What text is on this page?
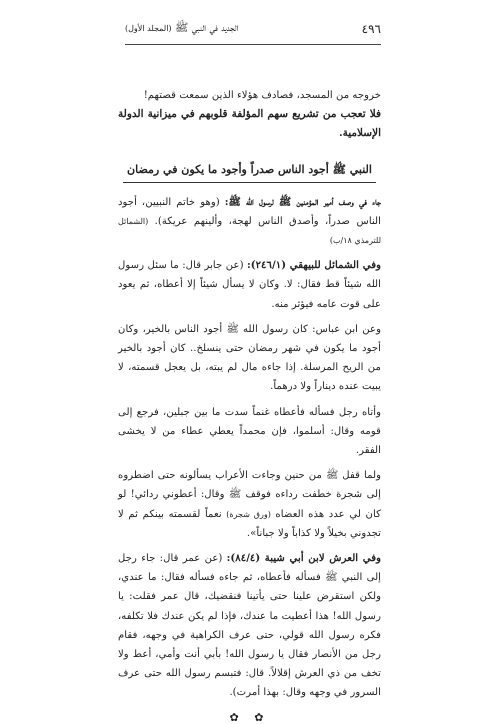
٤٩٦
الجديد في النبي ﷺ (المجلد الأول)

خروجه من المسجد، فصادف هؤلاء الذين سمعت قصتهم!
فلا تعجب من تشريع سهم المؤلفة قلوبهم في ميزانية الدولة الإسلامية.

النبي ﷺ أجود الناس صدراً وأجود ما يكون في رمضان

جاء في وصف أمير المؤمنين ﷺ لرسول الله ﷺ: (وهو خاتم النبيين، أجود الناس صدراً، وأصدق الناس لهجة، وألينهم عريكة). (الشمائل للترمذي ١٨/ب)

وفي الشمائل للبيهقي (٢٤٦/١): (عن جابر قال: ما سئل رسول الله شيئاً قط فقال: لا. وكان لا يسأل شيئاً إلا أعطاه، ثم يعود على قوت عامه فيؤثر منه.

وعن ابن عباس: كان رسول الله ﷺ أجود الناس بالخير، وكان أجود ما يكون في شهر رمضان حتى ينسلخ.. كان أجود بالخير من الريح المرسلة. إذا جاءه مال لم يبته، بل يعجل قسمته، لا يبيت عنده ديناراً ولا درهماً.

وأتاه رجل فسأله فأعطاه غنماً سدت ما بين جبلين، فرجع إلى قومه وقال: أسلموا، فإن محمداً يعطي عطاء من لا يخشى الفقر.

ولما قفل ﷺ من حنين وجاءت الأعراب يسألونه حتى اضطروه إلى شجرة خطفت رداءه فوقف ﷺ وقال: أعطوني ردائي! لو كان لي عدد هذه العضاه (ورق شجرة) نعماً لقسمته بينكم ثم لا تجدوني بخيلاً ولا كذاباً ولا جباناً».

وفي العرش لابن أبي شيبة (٨٤/٤): (عن عمر قال: جاء رجل إلى النبي ﷺ فسأله فأعطاه، ثم جاءه فسأله فقال: ما عندي، ولكن استقرض علينا حتى يأتينا فنقضيك، قال عمر فقلت: يا رسول الله! هذا أعطيت ما عندك، فإذا لم يكن عندك فلا تكلفه، فكره رسول الله قولي، حتى عرف الكراهية في وجهه، فقام رجل من الأنصار فقال يا رسول الله! بأبي أنت وأمي، أعط ولا تخف من ذي العرش إقلالاً. قال: فتبسم رسول الله حتى عرف السرور في وجهه وقال: بهذا أمرت).

✿ ✿
